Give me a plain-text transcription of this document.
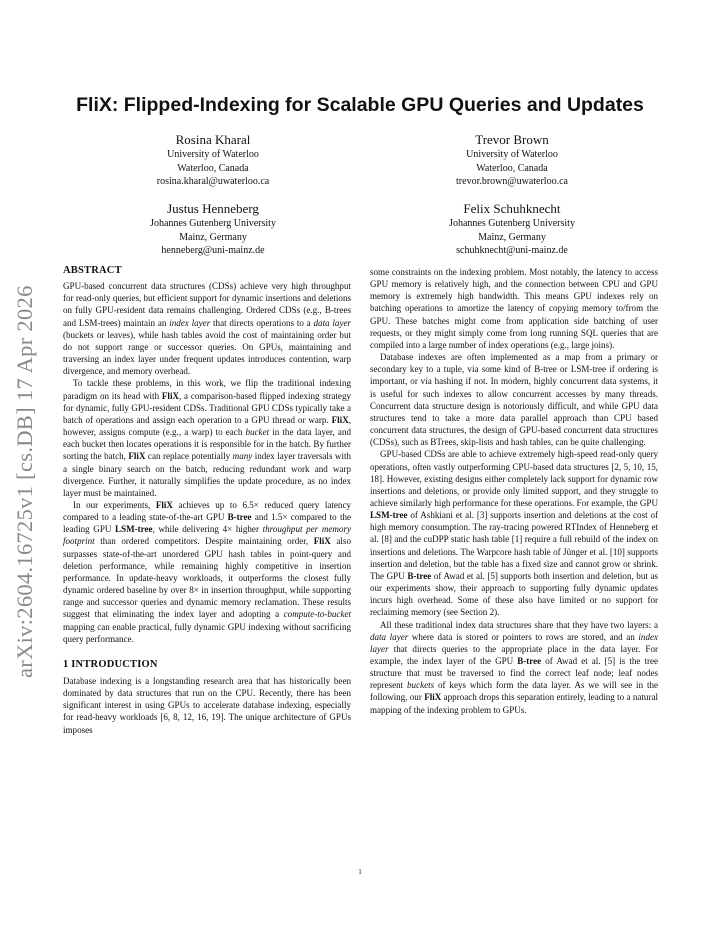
arXiv:2604.16725v1 [cs.DB] 17 Apr 2026
FliX: Flipped-Indexing for Scalable GPU Queries and Updates
Rosina Kharal
University of Waterloo
Waterloo, Canada
rosina.kharal@uwaterloo.ca
Trevor Brown
University of Waterloo
Waterloo, Canada
trevor.brown@uwaterloo.ca
Justus Henneberg
Johannes Gutenberg University
Mainz, Germany
henneberg@uni-mainz.de
Felix Schuhknecht
Johannes Gutenberg University
Mainz, Germany
schuhknecht@uni-mainz.de
ABSTRACT

GPU-based concurrent data structures (CDSs) achieve very high throughput for read-only queries, but efficient support for dynamic insertions and deletions on fully GPU-resident data remains challenging. Ordered CDSs (e.g., B-trees and LSM-trees) maintain an index layer that directs operations to a data layer (buckets or leaves), while hash tables avoid the cost of maintaining order but do not support range or successor queries. On GPUs, maintaining and traversing an index layer under frequent updates introduces contention, warp divergence, and memory overhead.

To tackle these problems, in this work, we flip the traditional indexing paradigm on its head with FliX, a comparison-based flipped indexing strategy for dynamic, fully GPU-resident CDSs. Traditional GPU CDSs typically take a batch of operations and assign each operation to a GPU thread or warp. FliX, however, assigns compute (e.g., a warp) to each bucket in the data layer, and each bucket then locates operations it is responsible for in the batch. By further sorting the batch, FliX can replace potentially many index layer traversals with a single binary search on the batch, reducing redundant work and warp divergence. Further, it naturally simplifies the update procedure, as no index layer must be maintained.

In our experiments, FliX achieves up to 6.5× reduced query latency compared to a leading state-of-the-art GPU B-tree and 1.5× compared to the leading GPU LSM-tree, while delivering 4× higher throughput per memory footprint than ordered competitors. Despite maintaining order, FliX also surpasses state-of-the-art unordered GPU hash tables in point-query and deletion performance, while remaining highly competitive in insertion performance. In update-heavy workloads, it outperforms the closest fully dynamic ordered baseline by over 8× in insertion throughput, while supporting range and successor queries and dynamic memory reclamation. These results suggest that eliminating the index layer and adopting a compute-to-bucket mapping can enable practical, fully dynamic GPU indexing without sacrificing query performance.

1 INTRODUCTION

Database indexing is a longstanding research area that has historically been dominated by data structures that run on the CPU. Recently, there has been significant interest in using GPUs to accelerate database indexing, especially for read-heavy workloads [6, 8, 12, 16, 19]. The unique architecture of GPUs imposes

some constraints on the indexing problem. Most notably, the latency to access GPU memory is relatively high, and the connection between CPU and GPU memory is extremely high bandwidth. This means GPU indexes rely on batching operations to amortize the latency of copying memory to/from the GPU. These batches might come from application side batching of user requests, or they might simply come from long running SQL queries that are compiled into a large number of index operations (e.g., large joins).

Database indexes are often implemented as a map from a primary or secondary key to a tuple, via some kind of B-tree or LSM-tree if ordering is important, or via hashing if not. In modern, highly concurrent data systems, it is useful for such indexes to allow concurrent accesses by many threads. Concurrent data structure design is notoriously difficult, and while GPU data structures tend to take a more data parallel approach than CPU based concurrent data structures, the design of GPU-based concurrent data structures (CDSs), such as BTrees, skip-lists and hash tables, can be quite challenging.

GPU-based CDSs are able to achieve extremely high-speed read-only query operations, often vastly outperforming CPU-based data structures [2, 5, 10, 15, 18]. However, existing designs either completely lack support for dynamic row insertions and deletions, or provide only limited support, and they struggle to achieve similarly high performance for these operations. For example, the GPU LSM-tree of Ashkiani et al. [3] supports insertion and deletions at the cost of high memory consumption. The ray-tracing powered RTIndex of Henneberg et al. [8] and the cuDPP static hash table [1] require a full rebuild of the index on insertions and deletions. The Warpcore hash table of Jünger et al. [10] supports insertion and deletion, but the table has a fixed size and cannot grow or shrink. The GPU B-tree of Awad et al. [5] supports both insertion and deletion, but as our experiments show, their approach to supporting fully dynamic updates incurs high overhead. Some of these also have limited or no support for reclaiming memory (see Section 2).

All these traditional index data structures share that they have two layers: a data layer where data is stored or pointers to rows are stored, and an index layer that directs queries to the appropriate place in the data layer. For example, the index layer of the GPU B-tree of Awad et al. [5] is the tree structure that must be traversed to find the correct leaf node; leaf nodes represent buckets of keys which form the data layer. As we will see in the following, our FliX approach drops this separation entirely, leading to a natural mapping of the indexing problem to GPUs.

1
